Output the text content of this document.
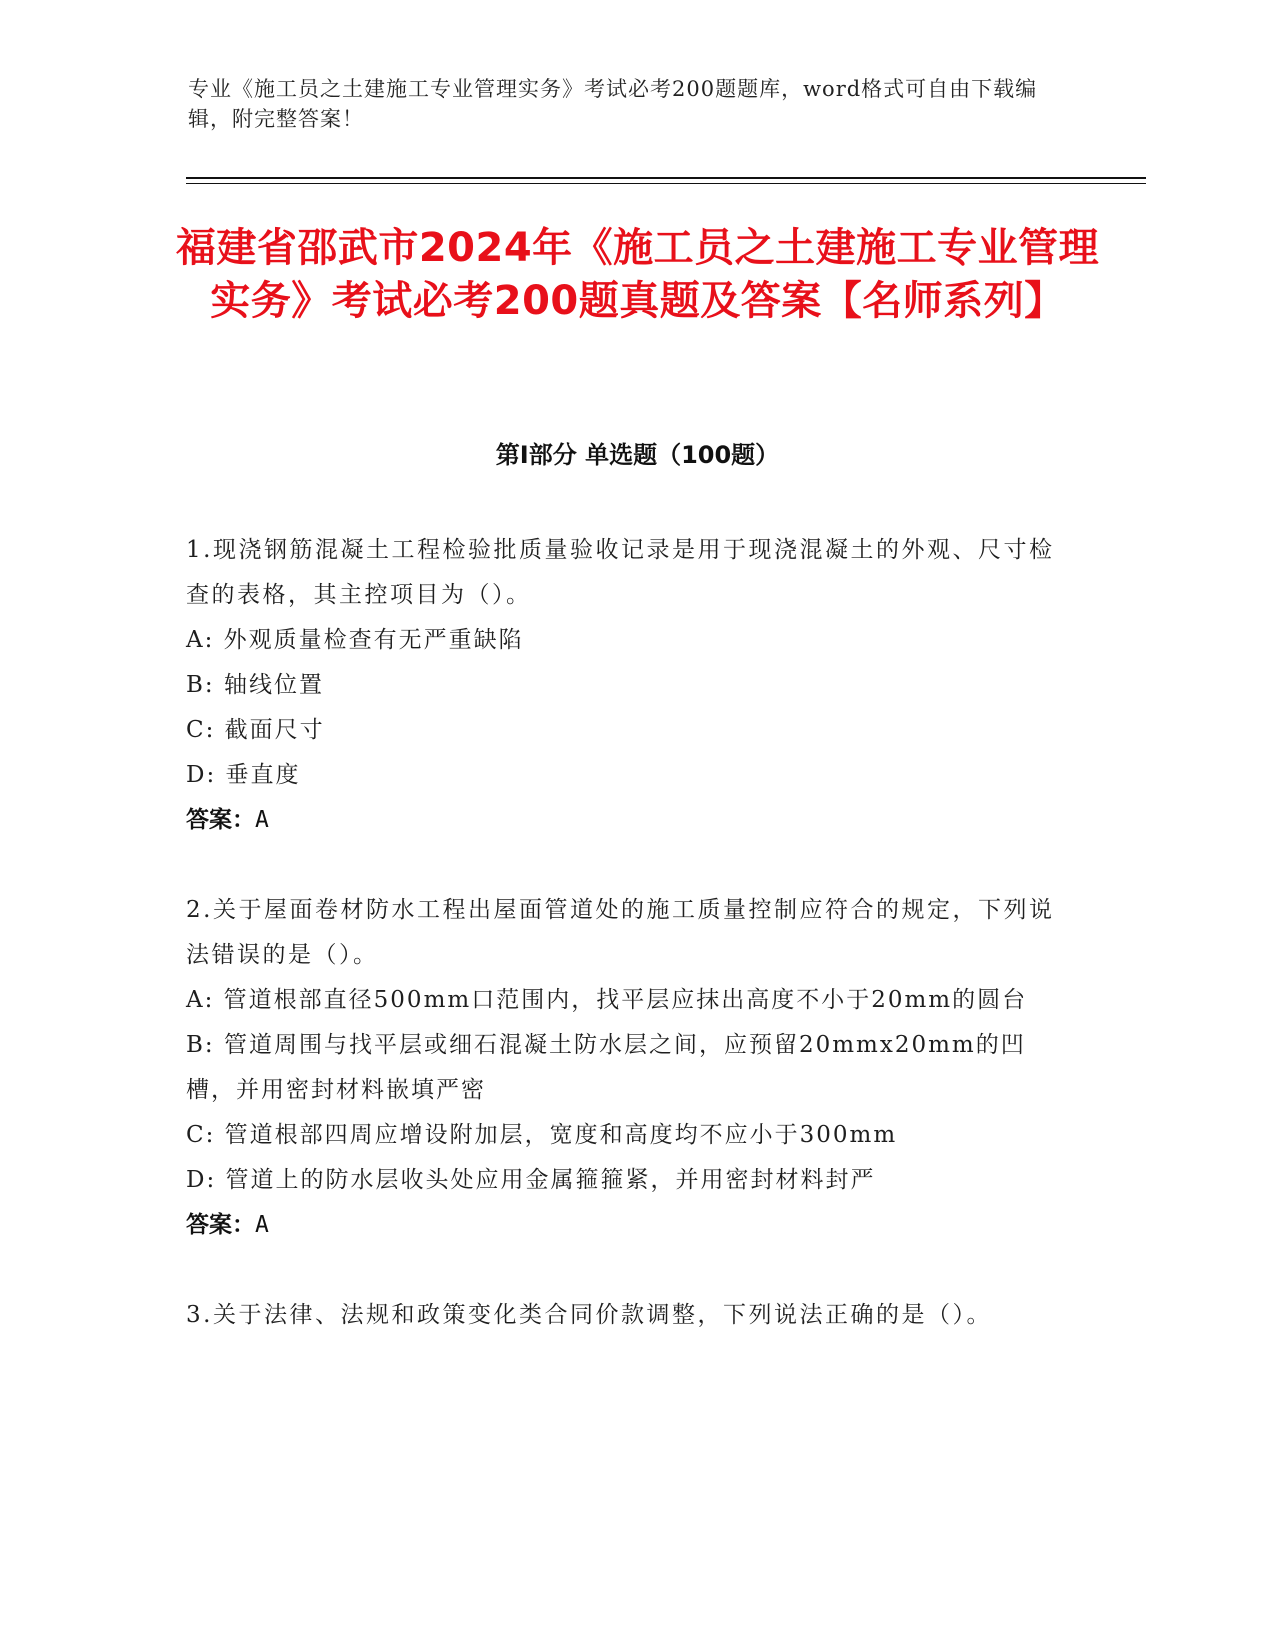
专业《施工员之土建施工专业管理实务》考试必考200题题库，word格式可自由下载编辑，附完整答案！
福建省邵武市2024年《施工员之土建施工专业管理实务》考试必考200题真题及答案【名师系列】
第I部分 单选题（100题）
1.现浇钢筋混凝土工程检验批质量验收记录是用于现浇混凝土的外观、尺寸检查的表格，其主控项目为（）。
A: 外观质量检查有无严重缺陷
B: 轴线位置
C: 截面尺寸
D: 垂直度
答案：A
2.关于屋面卷材防水工程出屋面管道处的施工质量控制应符合的规定，下列说法错误的是（）。
A: 管道根部直径500mm口范围内，找平层应抹出高度不小于20mm的圆台
B: 管道周围与找平层或细石混凝土防水层之间，应预留20mmx20mm的凹槽，并用密封材料嵌填严密
C: 管道根部四周应增设附加层，宽度和高度均不应小于300mm
D: 管道上的防水层收头处应用金属箍箍紧，并用密封材料封严
答案：A
3.关于法律、法规和政策变化类合同价款调整，下列说法正确的是（）。
